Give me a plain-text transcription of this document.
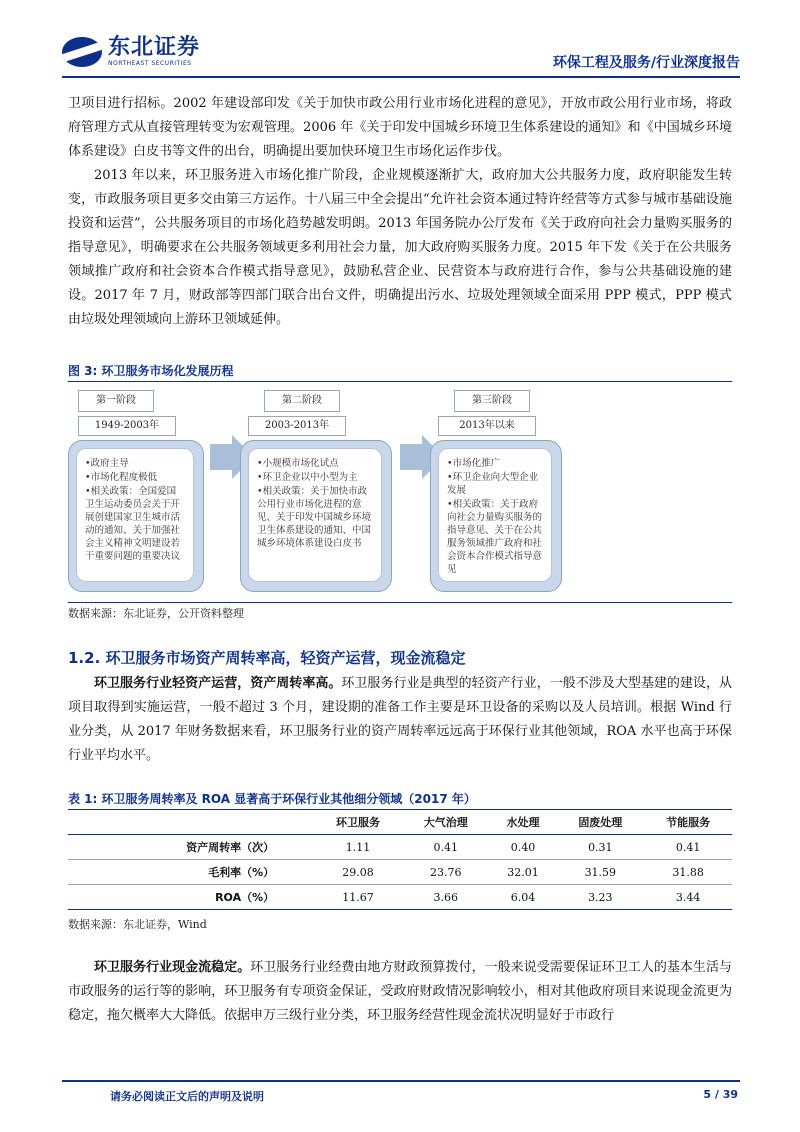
东北证券
NORTHEAST SECURITIES	环保工程及服务/行业深度报告

卫项目进行招标。2002 年建设部印发《关于加快市政公用行业市场化进程的意见》，开放市政公用行业市场，将政府管理方式从直接管理转变为宏观管理。2006 年《关于印发中国城乡环境卫生体系建设的通知》和《中国城乡环境体系建设》白皮书等文件的出台，明确提出要加快环境卫生市场化运作步伐。

2013 年以来，环卫服务进入市场化推广阶段，企业规模逐渐扩大，政府加大公共服务力度，政府职能发生转变，市政服务项目更多交由第三方运作。十八届三中全会提出“允许社会资本通过特许经营等方式参与城市基础设施投资和运营”，公共服务项目的市场化趋势越发明朗。2013 年国务院办公厅发布《关于政府向社会力量购买服务的指导意见》，明确要求在公共服务领域更多利用社会力量，加大政府购买服务力度。2015 年下发《关于在公共服务领域推广政府和社会资本合作模式指导意见》，鼓励私营企业、民营资本与政府进行合作，参与公共基础设施的建设。2017 年 7 月，财政部等四部门联合出台文件，明确提出污水、垃圾处理领域全面采用 PPP 模式，PPP 模式由垃圾处理领域向上游环卫领域延伸。

图 3: 环卫服务市场化发展历程
第一阶段
1949-2003年
•政府主导
•市场化程度极低
•相关政策：全国爱国卫生运动委员会关于开展创建国家卫生城市活动的通知、关于加强社会主义精神文明建设若干重要问题的重要决议
第二阶段
2003-2013年
•小规模市场化试点
•环卫企业以中小型为主
•相关政策：关于加快市政公用行业市场化进程的意见、关于印发中国城乡环境卫生体系建设的通知、中国城乡环境体系建设白皮书
第三阶段
2013年以来
•市场化推广
•环卫企业向大型企业发展
•相关政策：关于政府向社会力量购买服务的指导意见、关于在公共服务领域推广政府和社会资本合作模式指导意见
数据来源：东北证券，公开资料整理
1.2. 环卫服务市场资产周转率高，轻资产运营，现金流稳定

环卫服务行业轻资产运营，资产周转率高。环卫服务行业是典型的轻资产行业，一般不涉及大型基建的建设，从项目取得到实施运营，一般不超过 3 个月，建设期的准备工作主要是环卫设备的采购以及人员培训。根据 Wind 行业分类，从 2017 年财务数据来看，环卫服务行业的资产周转率远远高于环保行业其他领域，ROA 水平也高于环保行业平均水平。

表 1: 环卫服务周转率及 ROA 显著高于环保行业其他细分领域（2017 年）
	环卫服务	大气治理	水处理	固废处理	节能服务
资产周转率（次）	1.11	0.41	0.40	0.31	0.41
毛利率（%）	29.08	23.76	32.01	31.59	31.88
ROA（%）	11.67	3.66	6.04	3.23	3.44
数据来源：东北证券，Wind

环卫服务行业现金流稳定。环卫服务行业经费由地方财政预算拨付，一般来说受需要保证环卫工人的基本生活与市政服务的运行等的影响，环卫服务有专项资金保证，受政府财政情况影响较小，相对其他政府项目来说现金流更为稳定，拖欠概率大大降低。依据申万三级行业分类，环卫服务经营性现金流状况明显好于市政行

请务必阅读正文后的声明及说明	5 / 39
